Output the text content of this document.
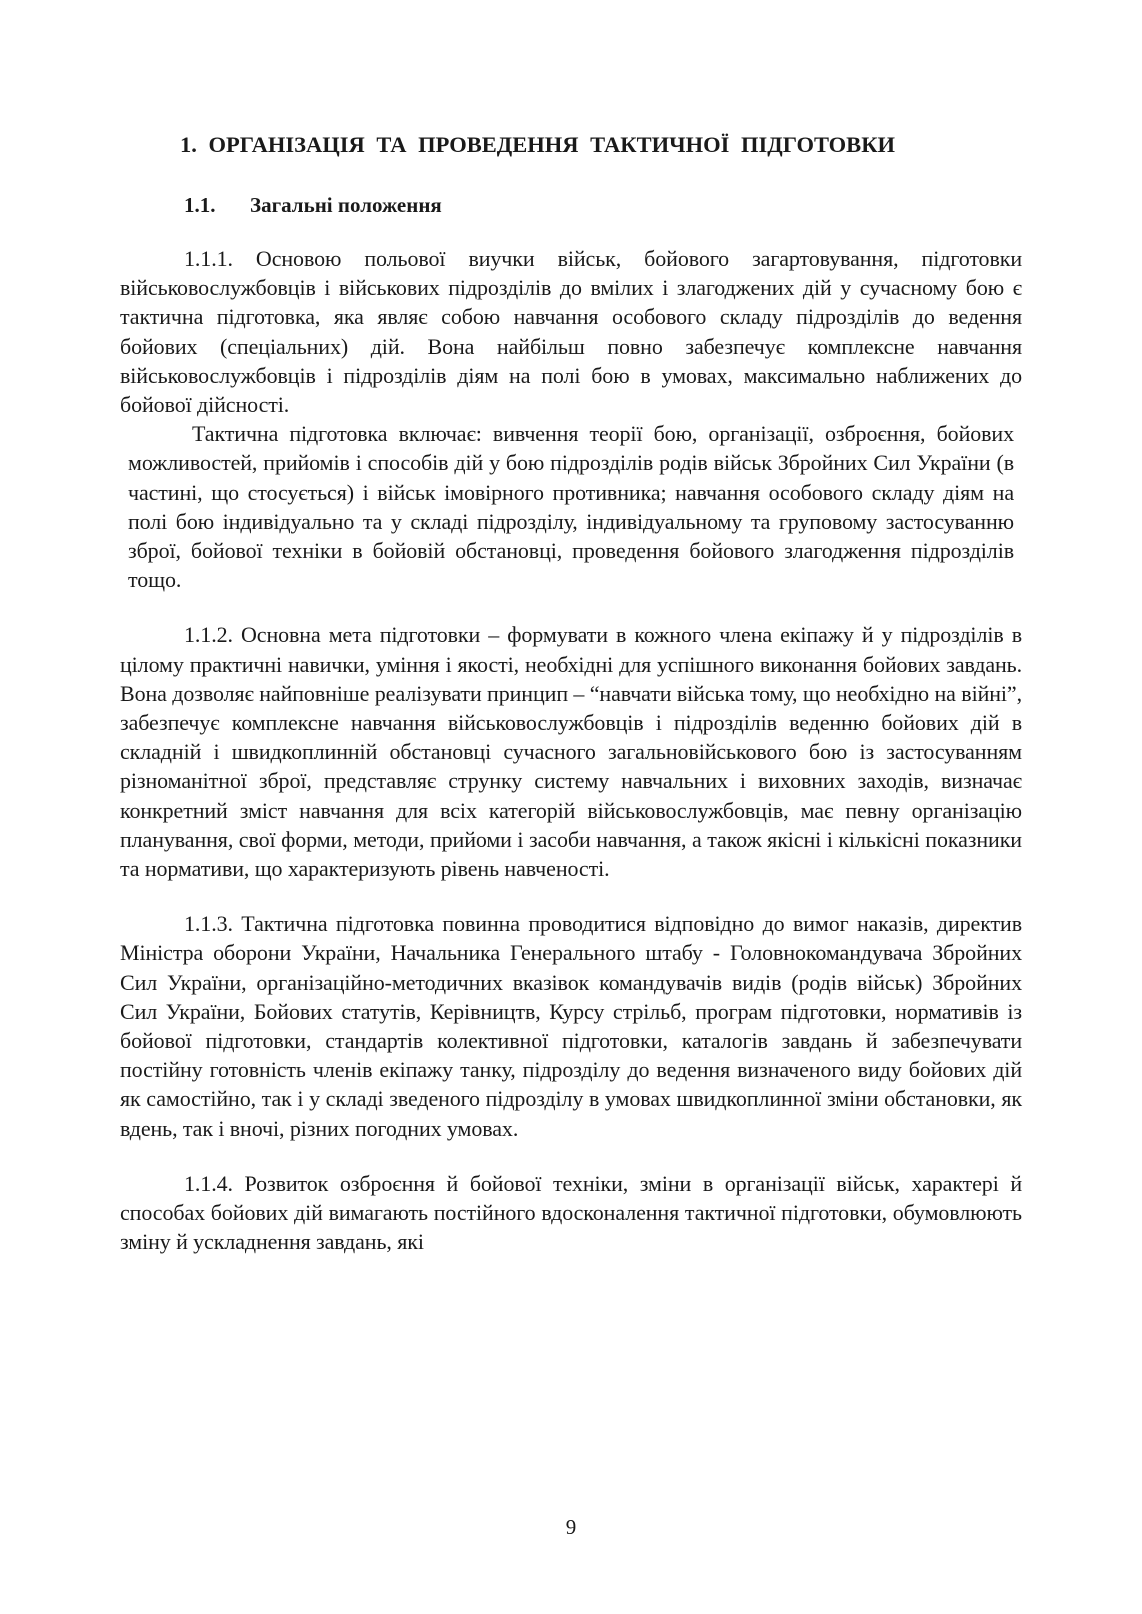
1. ОРГАНІЗАЦІЯ ТА ПРОВЕДЕННЯ ТАКТИЧНОЇ ПІДГОТОВКИ
1.1. Загальні положення

1.1.1. Основою польової виучки військ, бойового загартовування, підготовки військовослужбовців і військових підрозділів до вмілих і злагоджених дій у сучасному бою є тактична підготовка, яка являє собою навчання особового складу підрозділів до ведення бойових (спеціальних) дій. Вона найбільш повно забезпечує комплексне навчання військовослужбовців і підрозділів діям на полі бою в умовах, максимально наближених до бойової дійсності.

Тактична підготовка включає: вивчення теорії бою, організації, озброєння, бойових можливостей, прийомів і способів дій у бою підрозділів родів військ Збройних Сил України (в частині, що стосується) і військ імовірного противника; навчання особового складу діям на полі бою індивідуально та у складі підрозділу, індивідуальному та груповому застосуванню зброї, бойової техніки в бойовій обстановці, проведення бойового злагодження підрозділів тощо.

1.1.2. Основна мета підготовки – формувати в кожного члена екіпажу й у підрозділів в цілому практичні навички, уміння і якості, необхідні для успішного виконання бойових завдань. Вона дозволяє найповніше реалізувати принцип – “навчати війська тому, що необхідно на війні”, забезпечує комплексне навчання військовослужбовців і підрозділів веденню бойових дій в складній і швидкоплинній обстановці сучасного загальновійськового бою із застосуванням різноманітної зброї, представляє струнку систему навчальних і виховних заходів, визначає конкретний зміст навчання для всіх категорій військовослужбовців, має певну організацію планування, свої форми, методи, прийоми і засоби навчання, а також якісні і кількісні показники та нормативи, що характеризують рівень навченості.

1.1.3. Тактична підготовка повинна проводитися відповідно до вимог наказів, директив Міністра оборони України, Начальника Генерального штабу - Головнокомандувача Збройних Сил України, організаційно-методичних вказівок командувачів видів (родів військ) Збройних Сил України, Бойових статутів, Керівництв, Курсу стрільб, програм підготовки, нормативів із бойової підготовки, стандартів колективної підготовки, каталогів завдань й забезпечувати постійну готовність членів екіпажу танку, підрозділу до ведення визначеного виду бойових дій як самостійно, так і у складі зведеного підрозділу в умовах швидкоплинної зміни обстановки, як вдень, так і вночі, різних погодних умовах.

1.1.4. Розвиток озброєння й бойової техніки, зміни в організації військ, характері й способах бойових дій вимагають постійного вдосконалення тактичної підготовки, обумовлюють зміну й ускладнення завдань, які

9
